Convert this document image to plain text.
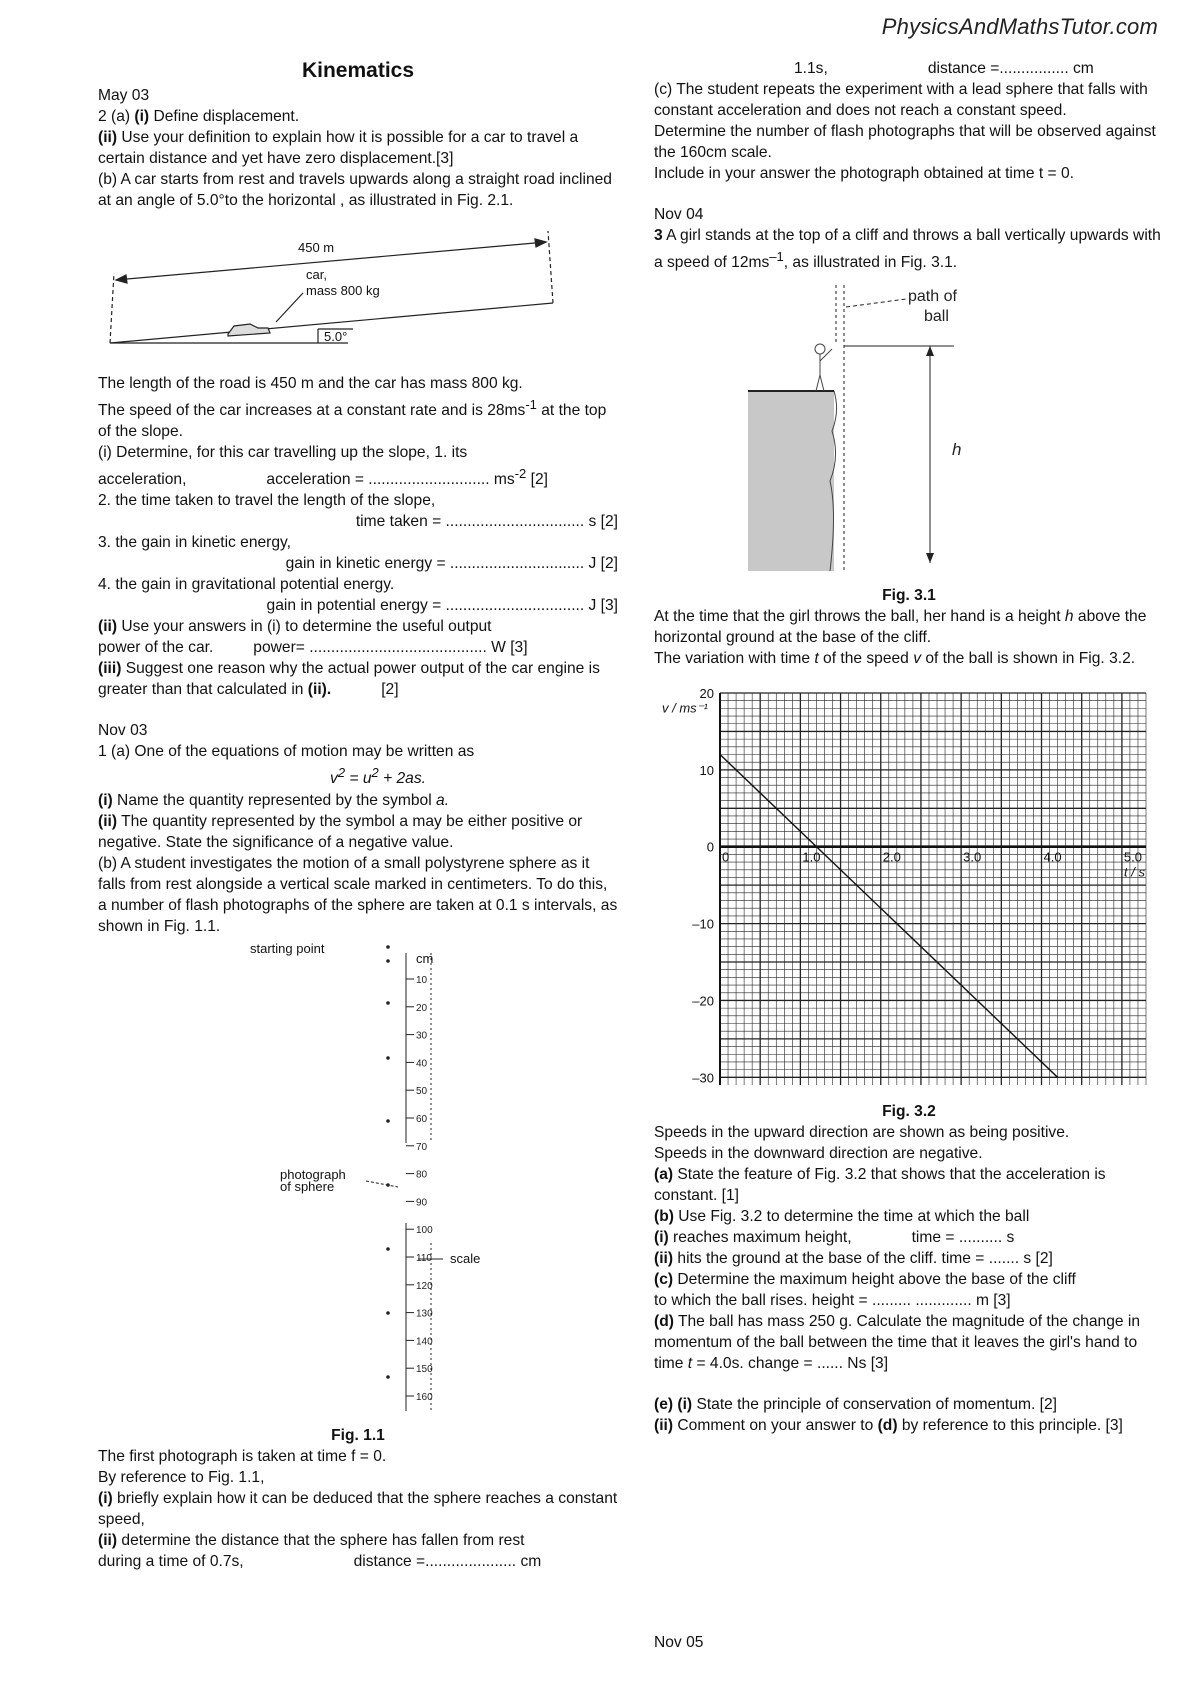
PhysicsAndMathsTutor.com
Kinematics

May 03

2 (a) (i) Define displacement.

(ii) Use your definition to explain how it is possible for a car to travel a certain distance and yet have zero displacement.[3]

(b) A car starts from rest and travels upwards along a straight road inclined at an angle of 5.0°to the horizontal , as illustrated in Fig. 2.1.

450 m
car,
mass 800 kg
5.0°

The length of the road is 450 m and the car has mass 800 kg.

The speed of the car increases at a constant rate and is $28ms^{-1}$ at the top of the slope.

(i) Determine, for this car travelling up the slope, 1. its

acceleration,	acceleration = ............................ $ms^{-2}$ [2]

2. the time taken to travel the length of the slope,

time taken = ................................ s [2]

3. the gain in kinetic energy,

gain in kinetic energy = ............................... J [2]

4. the gain in gravitational potential energy.

gain in potential energy = ................................ J [3]

(ii) Use your answers in (i) to determine the useful output

power of the car.	power= ......................................... W [3]

(iii) Suggest one reason why the actual power output of the car engine is greater than that calculated in (ii).	[2]

Nov 03

1 (a) One of the equations of motion may be written as

$v^2 = u^2 + 2as$.

(i) Name the quantity represented by the symbol a.

(ii) The quantity represented by the symbol a may be either positive or negative. State the significance of a negative value.

(b) A student investigates the motion of a small polystyrene sphere as it falls from rest alongside a vertical scale marked in centimeters. To do this, a number of flash photographs of the sphere are taken at 0.1 s intervals, as shown in Fig. 1.1.

starting point
10
20
30
40
50
60
70
80
90
100
110
120
130
140
150
160
cm
photograph
of sphere
scale

Fig. 1.1

The first photograph is taken at time f = 0.

By reference to Fig. 1.1,

(i) briefly explain how it can be deduced that the sphere reaches a constant speed,

(ii) determine the distance that the sphere has fallen from rest

during a time of 0.7s,	distance =..................... cm

1.1s,	distance =................ cm

(c) The student repeats the experiment with a lead sphere that falls with constant acceleration and does not reach a constant speed.

Determine the number of flash photographs that will be observed against the 160cm scale.

Include in your answer the photograph obtained at time t = 0.

Nov 04

3 A girl stands at the top of a cliff and throws a ball vertically upwards with a speed of $12ms^{-1}$, as illustrated in Fig. 3.1.

path of
ball
h

Fig. 3.1

At the time that the girl throws the ball, her hand is a height h above the horizontal ground at the base of the cliff.

The variation with time t of the speed v of the ball is shown in Fig. 3.2.

0	1.0	2.0	3.0	4.0	5.0
20
10
0
–10
–20
–30
v / ms⁻¹
t / s

Fig. 3.2

Speeds in the upward direction are shown as being positive.

Speeds in the downward direction are negative.

(a) State the feature of Fig. 3.2 that shows that the acceleration is constant. [1]

(b) Use Fig. 3.2 to determine the time at which the ball

(i) reaches maximum height,	time = .......... s

(ii) hits the ground at the base of the cliff. time = ....... s [2]

(c) Determine the maximum height above the base of the cliff

to which the ball rises. height = ......... ............. m [3]

(d) The ball has mass 250 g. Calculate the magnitude of the change in momentum of the ball between the time that it leaves the girl's hand to time t = 4.0s. change = ...... Ns [3]

(e) (i) State the principle of conservation of momentum. [2]

(ii) Comment on your answer to (d) by reference to this principle. [3]

Nov 05
